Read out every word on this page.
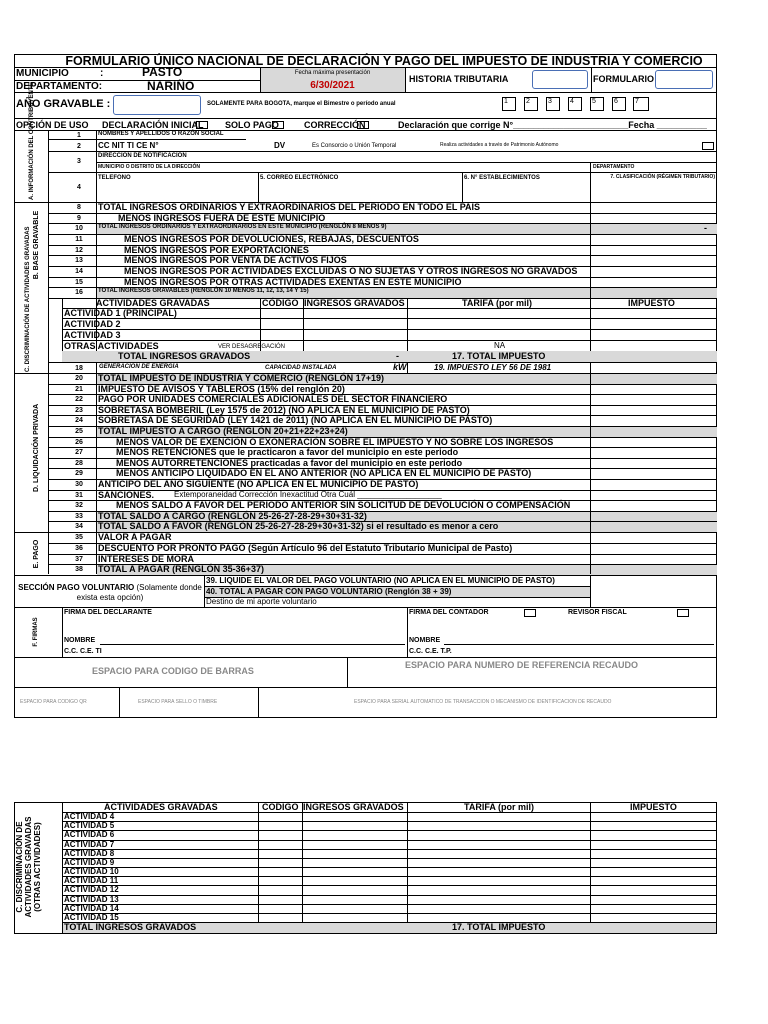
FORMULARIO ÚNICO NACIONAL DE DECLARACIÓN Y PAGO DEL IMPUESTO DE INDUSTRIA Y COMERCIO
MUNICIPIO	:	PASTO
DEPARTAMENTO:	NARIÑO
Fecha máxima presentación
6/30/2021
HISTORIA TRIBUTARIA	FORMULARIO
AÑO GRAVABLE :	SOLAMENTE PARA BOGOTA, marque el Bimestre o período anual	1	2	3	4	5	6 7
OPCIÓN DE USO DECLARACIÓN INICIAL SOLO PAGO	CORRECCIÓN	Declaración que corrige N°_______________________Fecha __________
A. INFORMACIÓN DEL CONTRIBUYENTE	1	NOMBRES Y APELLIDOS O RAZÓN SOCIAL
2	CC NIT TI CE N°	DV	Es Consorcio o Unión Temporal	Realiza actividades a través de Patrimonio Autónomo
3
DIRECCIÓN DE NOTIFICACIÓN
MUNICIPIO O DISTRITO DE LA DIRECCIÓN	DEPARTAMENTO
4
TELEFONO	5. CORREO ELECTRÓNICO	6. N° ESTABLECIMIENTOS	7. CLASIFICACIÓN (RÉGIMEN TRIBUTARIO)
B. BASE GRAVABLE
8	TOTAL INGRESOS ORDINARIOS Y EXTRAORDINARIOS DEL PERIODO EN TODO EL PAIS
9	MENOS INGRESOS FUERA DE ESTE MUNICIPIO
10	TOTAL INGRESOS ORDINARIOS Y EXTRAORDINARIOS EN ESTE MUNICIPIO (RENGLÓN 8 MENOS 9)	-
11	MENOS INGRESOS POR DEVOLUCIONES, REBAJAS, DESCUENTOS
12	MENOS INGRESOS POR EXPORTACIONES
13	MENOS INGRESOS POR VENTA DE ACTIVOS FIJOS
14	MENOS INGRESOS POR ACTIVIDADES EXCLUIDAS O NO SUJETAS Y OTROS INGRESOS NO GRAVADOS
15	MENOS INGRESOS POR OTRAS ACTIVIDADES EXENTAS EN ESTE MUNICIPIO
16	TOTAL INGRESOS GRAVABLES (RENGLÓN 10 MENOS 11, 12, 13, 14 Y 15)
C. DISCRIMINACIÓN DE ACTIVIDADES GRAVADAS	ACTIVIDADES GRAVADAS	CÓDIGO INGRESOS GRAVADOS	TARIFA (por mil)	IMPUESTO
ACTIVIDAD 1 (PRINCIPAL)
ACTIVIDAD 2
ACTIVIDAD 3
OTRAS ACTIVIDADES	VER DESAGREGACIÓN	NA
TOTAL INGRESOS GRAVADOS	-	17. TOTAL IMPUESTO
18	GENERACIÓN DE ENERGÍA	CAPACIDAD INSTALADA	kW	19. IMPUESTO LEY 56 DE 1981
D. LIQUIDACIÓN PRIVADA
20	TOTAL IMPUESTO DE INDUSTRIA Y COMERCIO (RENGLÓN 17+19)
21	IMPUESTO DE AVISOS Y TABLEROS (15% del renglón 20)
22	PAGO POR UNIDADES COMERCIALES ADICIONALES DEL SECTOR FINANCIERO
23	SOBRETASA BOMBERIL (Ley 1575 de 2012) (NO APLICA EN EL MUNICIPIO DE PASTO)
24	SOBRETASA DE SEGURIDAD (LEY 1421 de 2011) (NO APLICA EN EL MUNICIPIO DE PASTO)
25	TOTAL IMPUESTO A CARGO (RENGLÓN 20+21+22+23+24)
26	MENOS VALOR DE EXENCIÓN O EXONERACIÓN SOBRE EL IMPUESTO Y NO SOBRE LOS INGRESOS
27	MENOS RETENCIONES que le practicaron a favor del municipio en este periodo
28	MENOS AUTORRETENCIONES practicadas a favor del municipio en este periodo
29	MENOS ANTICIPO LIQUIDADO EN EL AÑO ANTERIOR (NO APLICA EN EL MUNICIPIO DE PASTO)
30	ANTICIPO DEL AÑO SIGUIENTE (NO APLICA EN EL MUNICIPIO DE PASTO)
31	SANCIONES. Extemporaneidad Corrección Inexactitud Otra Cuál ___________________
32	MENOS SALDO A FAVOR DEL PERIODO ANTERIOR SIN SOLICITUD DE DEVOLUCIÓN O COMPENSACIÓN
33	TOTAL SALDO A CARGO (RENGLÓN 25-26-27-28-29+30+31-32)
34	TOTAL SALDO A FAVOR (RENGLÓN 25-26-27-28-29+30+31-32) si el resultado es menor a cero
E. PAGO
35	VALOR A PAGAR
36	DESCUENTO POR PRONTO PAGO (Según Artículo 96 del Estatuto Tributario Municipal de Pasto)
37	INTERESES DE MORA
38	TOTAL A PAGAR (RENGLÓN 35-36+37)
SECCIÓN PAGO VOLUNTARIO (Solamente donde exista esta opción)
39. LIQUIDE EL VALOR DEL PAGO VOLUNTARIO (NO APLICA EN EL MUNICIPIO DE PASTO)
40. TOTAL A PAGAR CON PAGO VOLUNTARIO (Renglón 38 + 39)
Destino de mi aporte voluntario
F. FIRMAS
FIRMA DEL DECLARANTE	FIRMA DEL CONTADOR	REVISOR FISCAL
NOMBRE	NOMBRE
C.C. C.E. TI	C.C. C.E. T.P.
ESPACIO PARA CODIGO DE BARRAS
ESPACIO PARA NUMERO DE REFERENCIA RECAUDO
ESPACIO PARA CODIGO QR	ESPACIO PARA SELLO O TIMBRE	ESPACIO PARA SERIAL AUTOMATICO DE TRANSACCION O MECANISMO DE IDENTIFICACION DE RECAUDO
C. DISCRIMINACIÓN DE ACTIVIDADES GRAVADAS (OTRAS ACTIVIDADES)
ACTIVIDADES GRAVADAS	CODIGO INGRESOS GRAVADOS	TARIFA (por mil)	IMPUESTO
ACTIVIDAD 4
ACTIVIDAD 5
ACTIVIDAD 6
ACTIVIDAD 7
ACTIVIDAD 8
ACTIVIDAD 9
ACTIVIDAD 10
ACTIVIDAD 11
ACTIVIDAD 12
ACTIVIDAD 13
ACTIVIDAD 14
ACTIVIDAD 15
TOTAL INGRESOS GRAVADOS	17. TOTAL IMPUESTO
